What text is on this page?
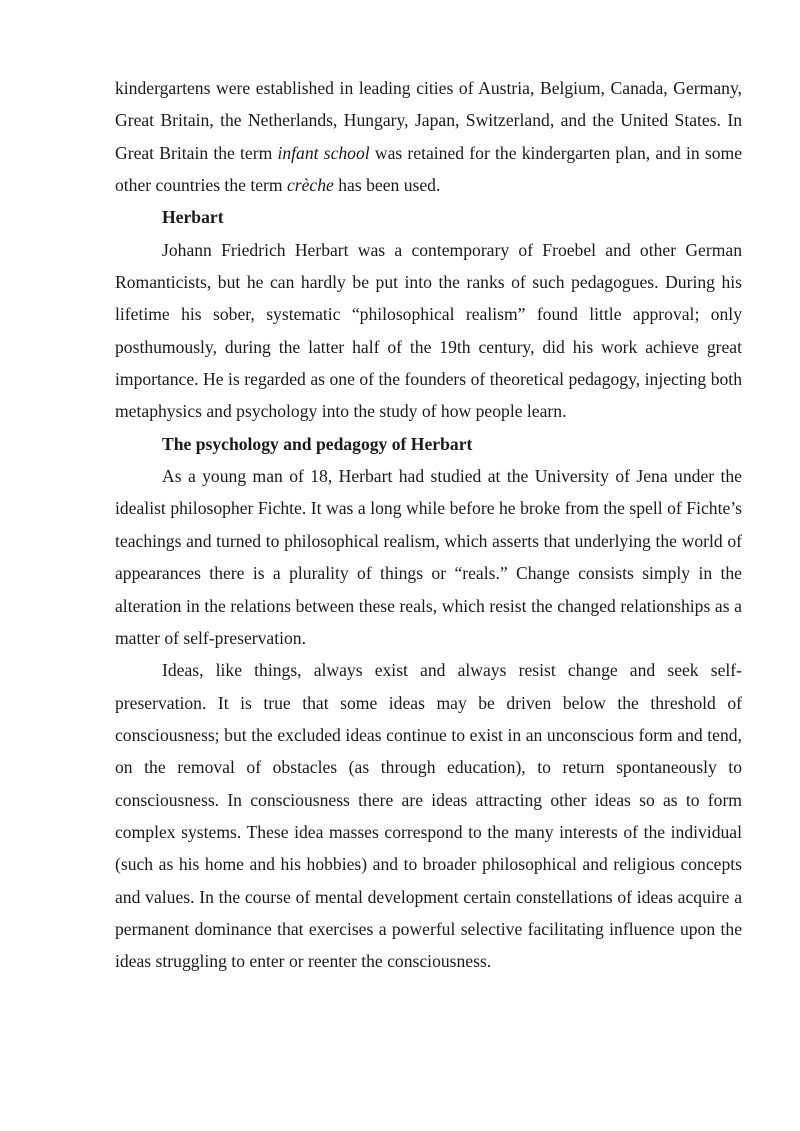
kindergartens were established in leading cities of Austria, Belgium, Canada, Germany, Great Britain, the Netherlands, Hungary, Japan, Switzerland, and the United States. In Great Britain the term infant school was retained for the kindergarten plan, and in some other countries the term crèche has been used.

Herbart

Johann Friedrich Herbart was a contemporary of Froebel and other German Romanticists, but he can hardly be put into the ranks of such pedagogues. During his lifetime his sober, systematic “philosophical realism” found little approval; only posthumously, during the latter half of the 19th century, did his work achieve great importance. He is regarded as one of the founders of theoretical pedagogy, injecting both metaphysics and psychology into the study of how people learn.

The psychology and pedagogy of Herbart

As a young man of 18, Herbart had studied at the University of Jena under the idealist philosopher Fichte. It was a long while before he broke from the spell of Fichte’s teachings and turned to philosophical realism, which asserts that underlying the world of appearances there is a plurality of things or “reals.” Change consists simply in the alteration in the relations between these reals, which resist the changed relationships as a matter of self-preservation.

Ideas, like things, always exist and always resist change and seek self-preservation. It is true that some ideas may be driven below the threshold of consciousness; but the excluded ideas continue to exist in an unconscious form and tend, on the removal of obstacles (as through education), to return spontaneously to consciousness. In consciousness there are ideas attracting other ideas so as to form complex systems. These idea masses correspond to the many interests of the individual (such as his home and his hobbies) and to broader philosophical and religious concepts and values. In the course of mental development certain constellations of ideas acquire a permanent dominance that exercises a powerful selective facilitating influence upon the ideas struggling to enter or reenter the consciousness.
